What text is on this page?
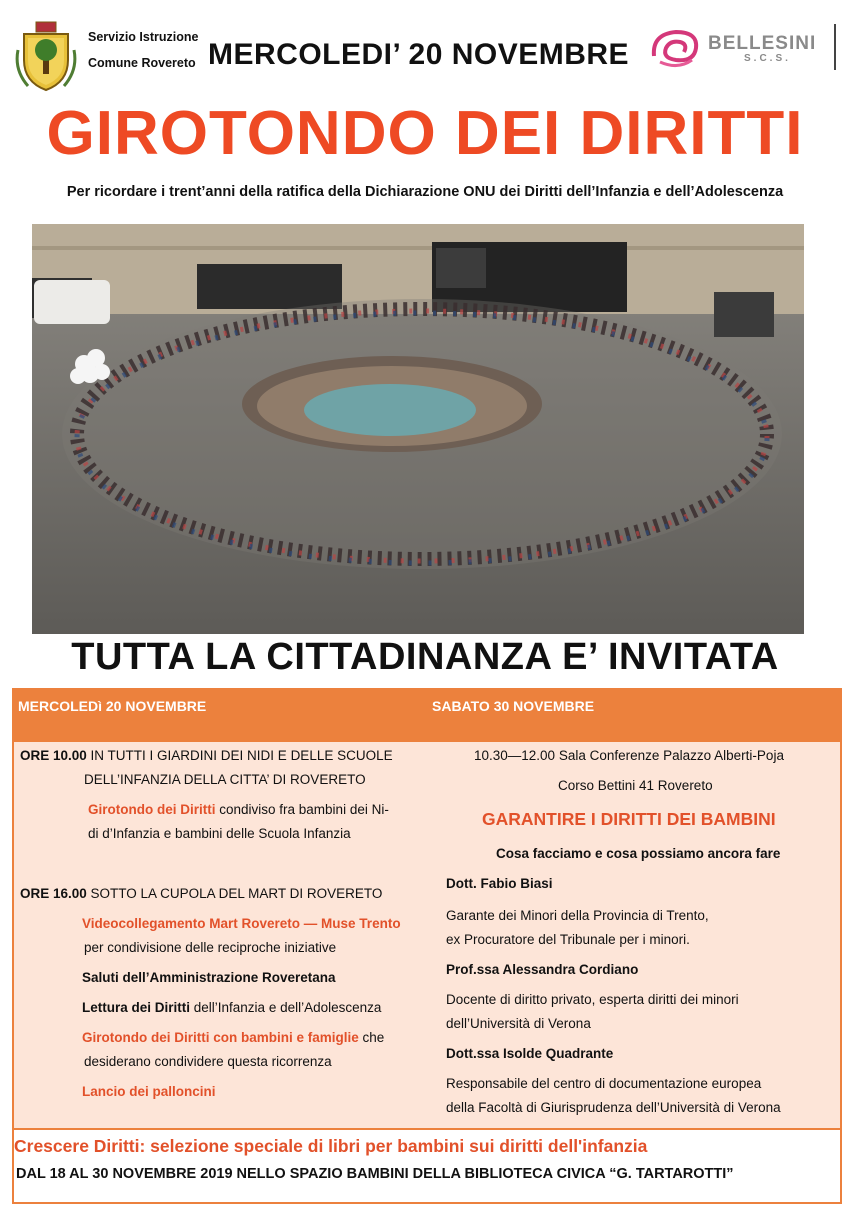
Servizio Istruzione
Comune Rovereto MERCOLEDI’ 20 NOVEMBRE	BELLESINI
S.C.S.
GIROTONDO DEI DIRITTI
Per ricordare i trent’anni della ratifica della Dichiarazione ONU dei Diritti dell’Infanzia e dell’Adolescenza
TUTTA LA CITTADINANZA E’ INVITATA
MERCOLEDì 20 NOVEMBRE	SABATO 30 NOVEMBRE
ORE 10.00 IN TUTTI I GIARDINI DEI NIDI E DELLE SCUOLE
DELL’INFANZIA DELLA CITTA’ DI ROVERETO
Girotondo dei Diritti condiviso fra bambini dei Ni-
di d’Infanzia e bambini delle Scuola Infanzia
ORE 16.00 SOTTO LA CUPOLA DEL MART DI ROVERETO
Videocollegamento Mart Rovereto — Muse Trento
per condivisione delle reciproche iniziative
Saluti dell’Amministrazione Roveretana
Lettura dei Diritti dell’Infanzia e dell’Adolescenza
Girotondo dei Diritti con bambini e famiglie che
desiderano condividere questa ricorrenza
Lancio dei palloncini
10.30—12.00 Sala Conferenze Palazzo Alberti-Poja
Corso Bettini 41 Rovereto
GARANTIRE I DIRITTI DEI BAMBINI
Cosa facciamo e cosa possiamo ancora fare
Dott. Fabio Biasi
Garante dei Minori della Provincia di Trento,
ex Procuratore del Tribunale per i minori.
Prof.ssa Alessandra Cordiano
Docente di diritto privato, esperta diritti dei minori
dell’Università di Verona
Dott.ssa Isolde Quadrante
Responsabile del centro di documentazione europea
della Facoltà di Giurisprudenza dell’Università di Verona
Crescere Diritti: selezione speciale di libri per bambini sui diritti dell'infanzia
DAL 18 AL 30 NOVEMBRE 2019 NELLO SPAZIO BAMBINI DELLA BIBLIOTECA CIVICA “G. TARTAROTTI”
